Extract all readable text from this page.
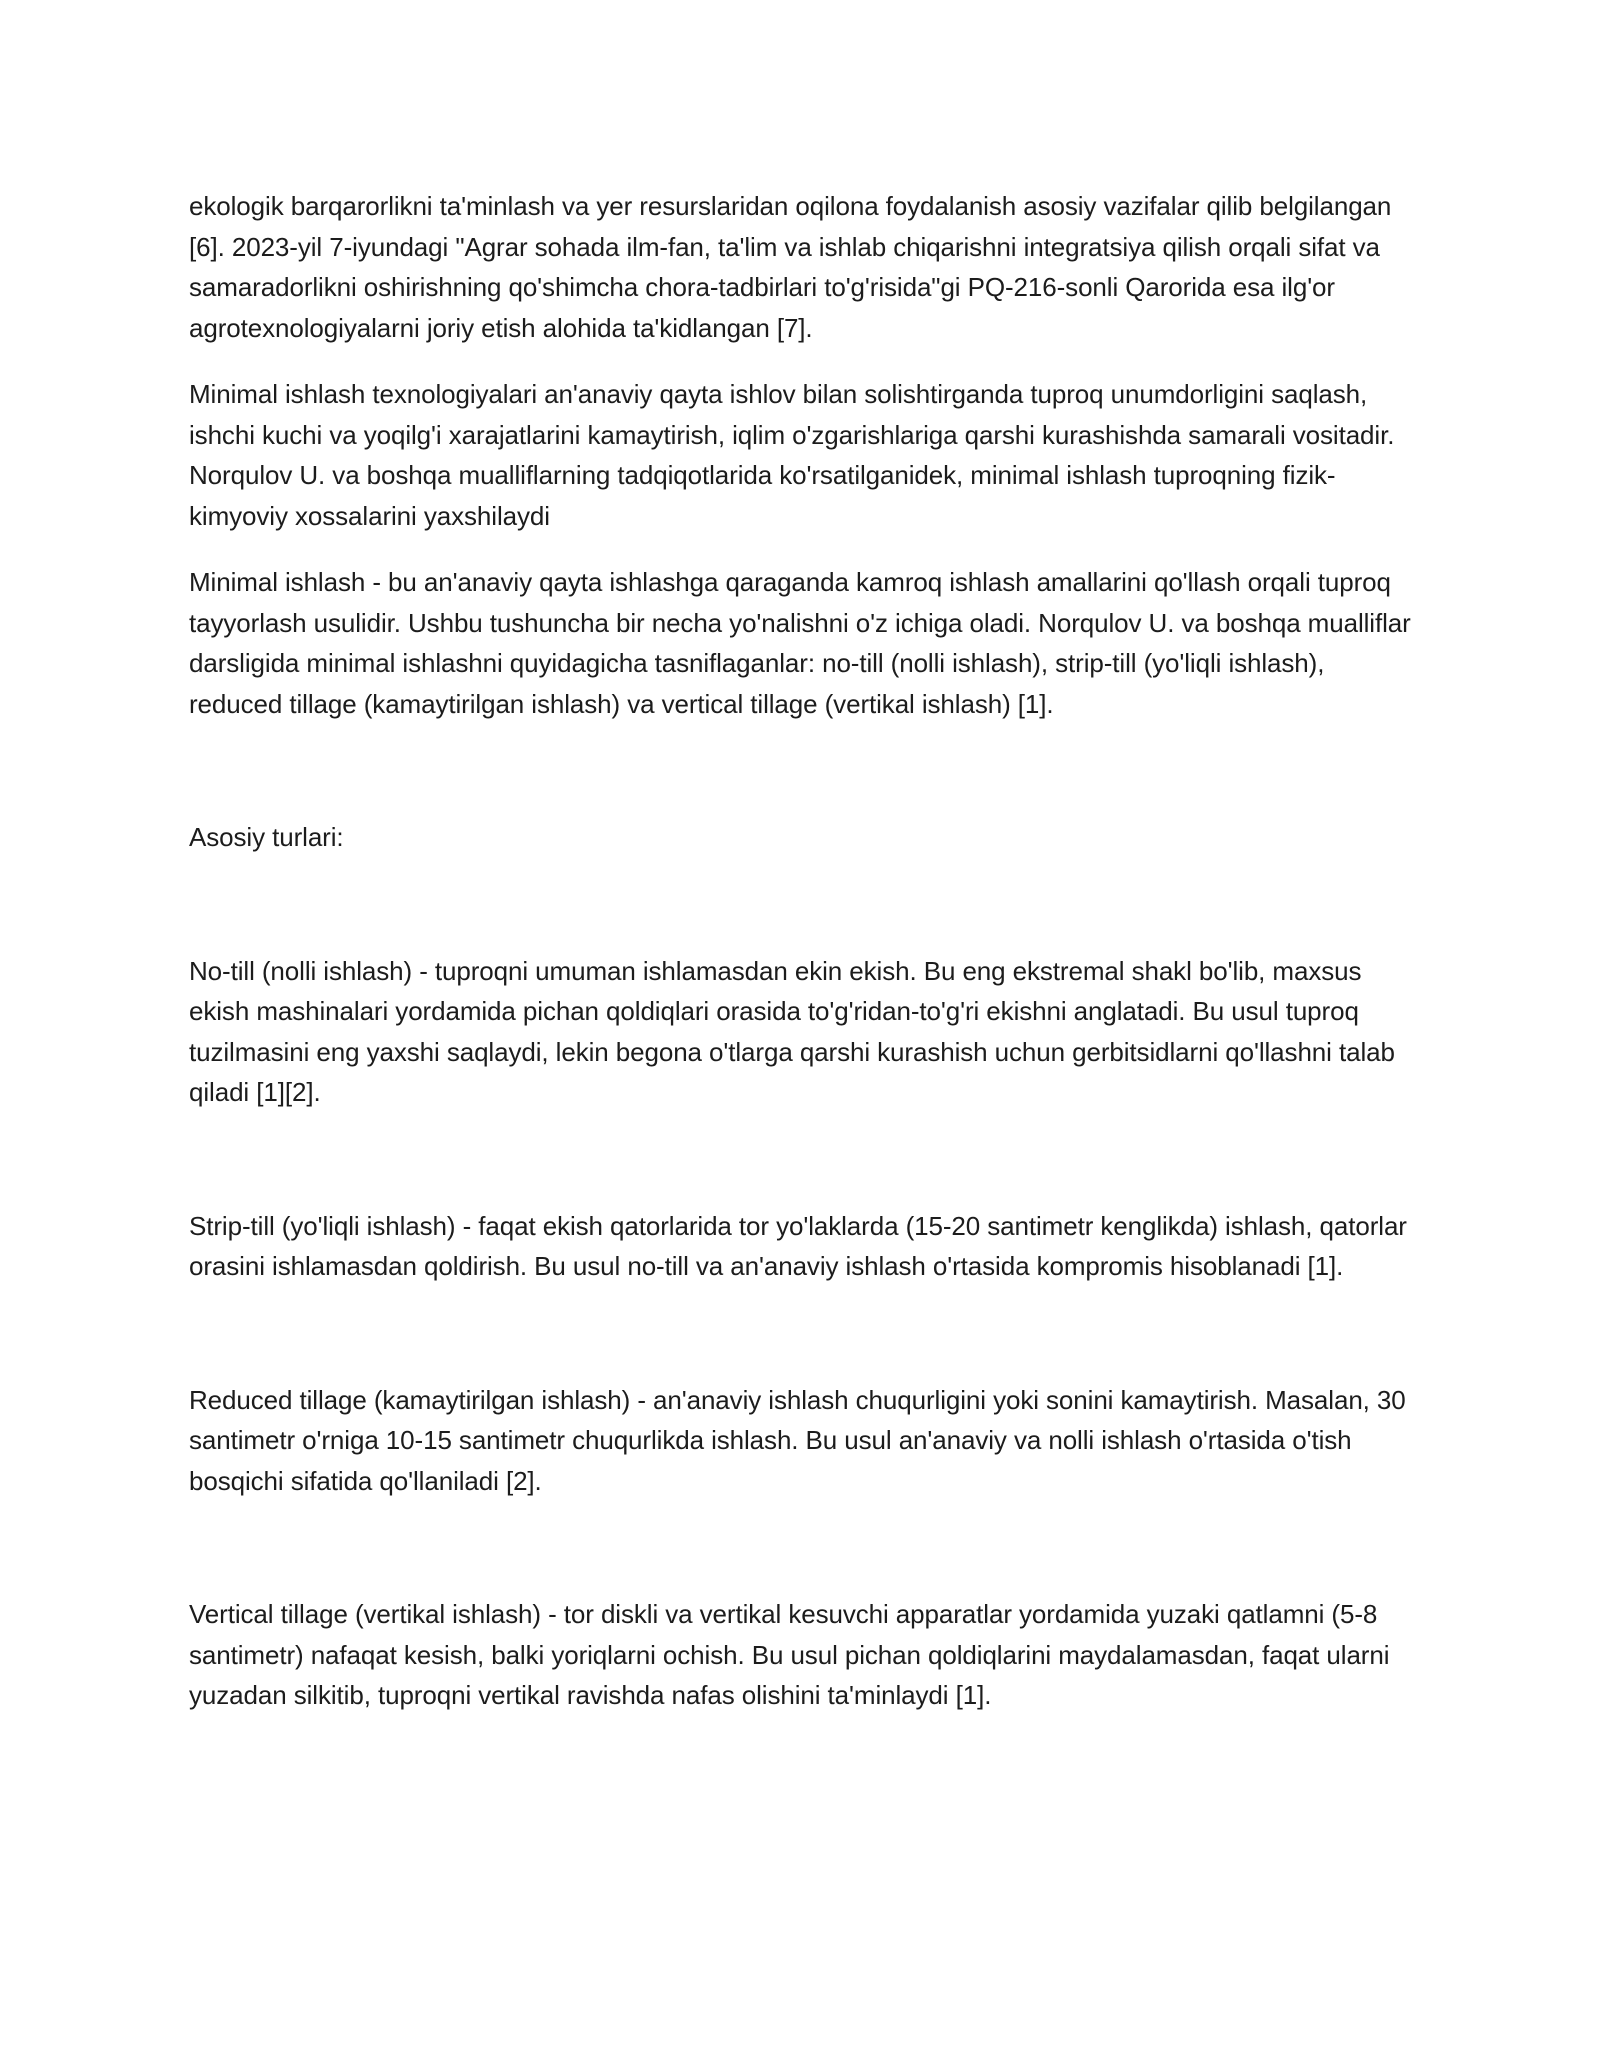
ekologik barqarorlikni ta'minlash va yer resurslaridan oqilona foydalanish asosiy vazifalar qilib belgilangan [6]. 2023-yil 7-iyundagi "Agrar sohada ilm-fan, ta'lim va ishlab chiqarishni integratsiya qilish orqali sifat va samaradorlikni oshirishning qo'shimcha chora-tadbirlari to'g'risida"gi PQ-216-sonli Qarorida esa ilg'or agrotexnologiyalarni joriy etish alohida ta'kidlangan [7].

Minimal ishlash texnologiyalari an'anaviy qayta ishlov bilan solishtirganda tuproq unumdorligini saqlash, ishchi kuchi va yoqilg'i xarajatlarini kamaytirish, iqlim o'zgarishlariga qarshi kurashishda samarali vositadir. Norqulov U. va boshqa mualliflarning tadqiqotlarida ko'rsatilganidek, minimal ishlash tuproqning fizik-kimyoviy xossalarini yaxshilaydi

Minimal ishlash - bu an'anaviy qayta ishlashga qaraganda kamroq ishlash amallarini qo'llash orqali tuproq tayyorlash usulidir. Ushbu tushuncha bir necha yo'nalishni o'z ichiga oladi. Norqulov U. va boshqa mualliflar darsligida minimal ishlashni quyidagicha tasniflaganlar: no-till (nolli ishlash), strip-till (yo'liqli ishlash), reduced tillage (kamaytirilgan ishlash) va vertical tillage (vertikal ishlash) [1].

Asosiy turlari:

No-till (nolli ishlash) - tuproqni umuman ishlamasdan ekin ekish. Bu eng ekstremal shakl bo'lib, maxsus ekish mashinalari yordamida pichan qoldiqlari orasida to'g'ridan-to'g'ri ekishni anglatadi. Bu usul tuproq tuzilmasini eng yaxshi saqlaydi, lekin begona o'tlarga qarshi kurashish uchun gerbitsidlarni qo'llashni talab qiladi [1][2].

Strip-till (yo'liqli ishlash) - faqat ekish qatorlarida tor yo'laklarda (15-20 santimetr kenglikda) ishlash, qatorlar orasini ishlamasdan qoldirish. Bu usul no-till va an'anaviy ishlash o'rtasida kompromis hisoblanadi [1].

Reduced tillage (kamaytirilgan ishlash) - an'anaviy ishlash chuqurligini yoki sonini kamaytirish. Masalan, 30 santimetr o'rniga 10-15 santimetr chuqurlikda ishlash. Bu usul an'anaviy va nolli ishlash o'rtasida o'tish bosqichi sifatida qo'llaniladi [2].

Vertical tillage (vertikal ishlash) - tor diskli va vertikal kesuvchi apparatlar yordamida yuzaki qatlamni (5-8 santimetr) nafaqat kesish, balki yoriqlarni ochish. Bu usul pichan qoldiqlarini maydalamasdan, faqat ularni yuzadan silkitib, tuproqni vertikal ravishda nafas olishini ta'minlaydi [1].
